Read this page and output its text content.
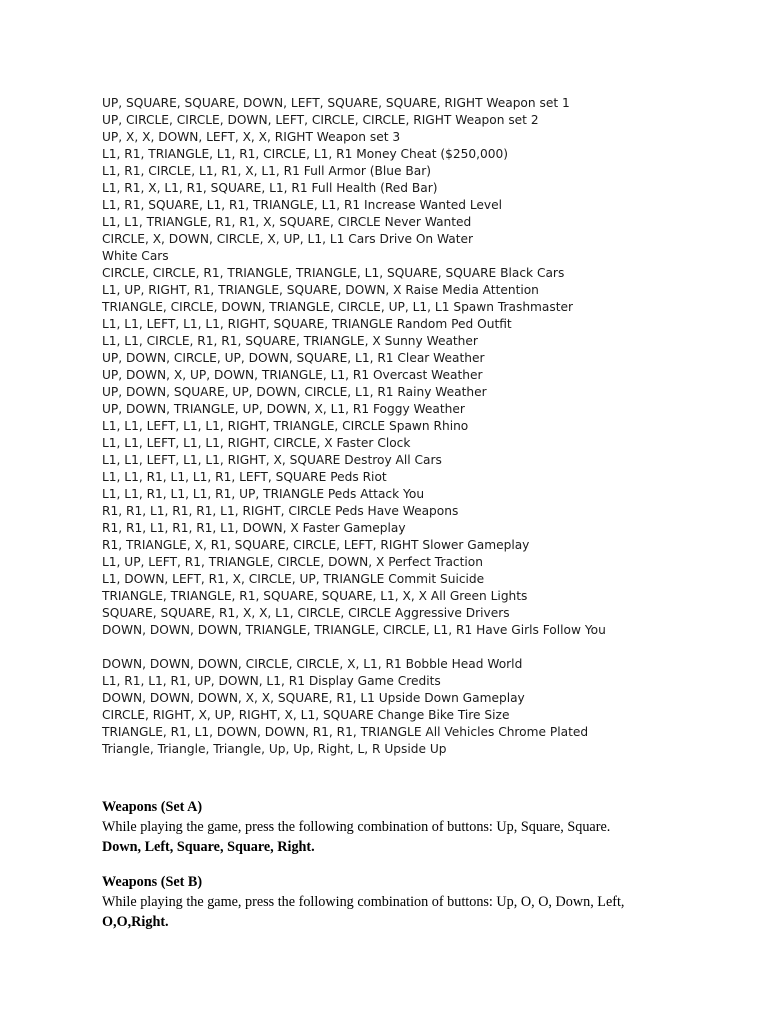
UP, SQUARE, SQUARE, DOWN, LEFT, SQUARE, SQUARE, RIGHT Weapon set 1
UP, CIRCLE, CIRCLE, DOWN, LEFT, CIRCLE, CIRCLE, RIGHT Weapon set 2
UP, X, X, DOWN, LEFT, X, X, RIGHT Weapon set 3
L1, R1, TRIANGLE, L1, R1, CIRCLE, L1, R1 Money Cheat ($250,000)
L1, R1, CIRCLE, L1, R1, X, L1, R1 Full Armor (Blue Bar)
L1, R1, X, L1, R1, SQUARE, L1, R1 Full Health (Red Bar)
L1, R1, SQUARE, L1, R1, TRIANGLE, L1, R1 Increase Wanted Level
L1, L1, TRIANGLE, R1, R1, X, SQUARE, CIRCLE Never Wanted
CIRCLE, X, DOWN, CIRCLE, X, UP, L1, L1 Cars Drive On Water
White Cars
CIRCLE, CIRCLE, R1, TRIANGLE, TRIANGLE, L1, SQUARE, SQUARE Black Cars
L1, UP, RIGHT, R1, TRIANGLE, SQUARE, DOWN, X Raise Media Attention
TRIANGLE, CIRCLE, DOWN, TRIANGLE, CIRCLE, UP, L1, L1 Spawn Trashmaster
L1, L1, LEFT, L1, L1, RIGHT, SQUARE, TRIANGLE Random Ped Outfit
L1, L1, CIRCLE, R1, R1, SQUARE, TRIANGLE, X Sunny Weather
UP, DOWN, CIRCLE, UP, DOWN, SQUARE, L1, R1 Clear Weather
UP, DOWN, X, UP, DOWN, TRIANGLE, L1, R1 Overcast Weather
UP, DOWN, SQUARE, UP, DOWN, CIRCLE, L1, R1 Rainy Weather
UP, DOWN, TRIANGLE, UP, DOWN, X, L1, R1 Foggy Weather
L1, L1, LEFT, L1, L1, RIGHT, TRIANGLE, CIRCLE Spawn Rhino
L1, L1, LEFT, L1, L1, RIGHT, CIRCLE, X Faster Clock
L1, L1, LEFT, L1, L1, RIGHT, X, SQUARE Destroy All Cars
L1, L1, R1, L1, L1, R1, LEFT, SQUARE Peds Riot
L1, L1, R1, L1, L1, R1, UP, TRIANGLE Peds Attack You
R1, R1, L1, R1, R1, L1, RIGHT, CIRCLE Peds Have Weapons
R1, R1, L1, R1, R1, L1, DOWN, X Faster Gameplay
R1, TRIANGLE, X, R1, SQUARE, CIRCLE, LEFT, RIGHT Slower Gameplay
L1, UP, LEFT, R1, TRIANGLE, CIRCLE, DOWN, X Perfect Traction
L1, DOWN, LEFT, R1, X, CIRCLE, UP, TRIANGLE Commit Suicide
TRIANGLE, TRIANGLE, R1, SQUARE, SQUARE, L1, X, X All Green Lights
SQUARE, SQUARE, R1, X, X, L1, CIRCLE, CIRCLE Aggressive Drivers
DOWN, DOWN, DOWN, TRIANGLE, TRIANGLE, CIRCLE, L1, R1 Have Girls Follow You
DOWN, DOWN, DOWN, CIRCLE, CIRCLE, X, L1, R1 Bobble Head World
L1, R1, L1, R1, UP, DOWN, L1, R1 Display Game Credits
DOWN, DOWN, DOWN, X, X, SQUARE, R1, L1 Upside Down Gameplay
CIRCLE, RIGHT, X, UP, RIGHT, X, L1, SQUARE Change Bike Tire Size
TRIANGLE, R1, L1, DOWN, DOWN, R1, R1, TRIANGLE All Vehicles Chrome Plated
Triangle, Triangle, Triangle, Up, Up, Right, L, R Upside Up
Weapons (Set A)
While playing the game, press the following combination of buttons: Up, Square, Square.
Down, Left, Square, Square, Right.
Weapons (Set B)
While playing the game, press the following combination of buttons: Up, O, O, Down, Left,
O,O,Right.
